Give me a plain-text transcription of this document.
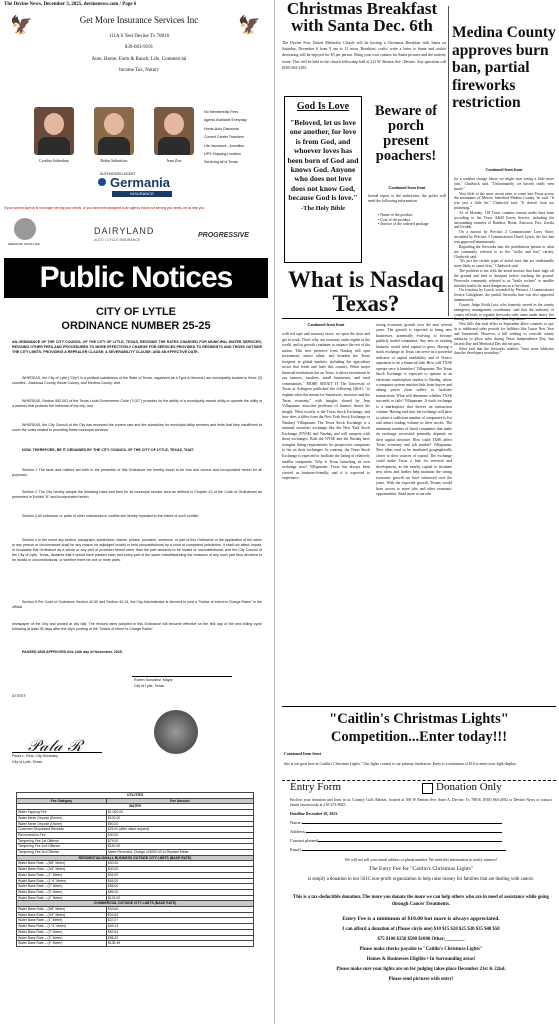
The Devine News, December 3, 2025, devinenews.com / Page 6
🦅	🦅
Get More Insurance Services Inc
111A S Teel Devine Tx 78016
830-663-9191
Auto, Home, Farm & Ranch, Life, Commercial
Income Tax, Notary
Cynthia Saltenfuss	Robin Saltenfuss	Jenn Zerr
No Membership Fees
Agents Available Everyday
Home-Auto Discounts
Current Carrier Transfers
Life Insurance , Annuities
UPS Shipping Location
Servicing all of Texas
AUTHORIZED AGENT
Germania
INSURANCE
If your current Agency is not longer serving your needs, or you have been assigned to an agency that is not serving you needs, let us help you.
HERMANN SONS LIFE
DAIRYLAND
AUTO • CYCLE INSURANCE
PROGRESSIVE
Public Notices
CITY OF LYTLE
ORDINANCE NUMBER 25-25
AN ORDINANCE OF THE CITY COUNCIL OF THE CITY OF LYTLE, TEXAS, REVISING THE RATES CHARGED FOR MUNICIPAL WATER SERVICES; REVISING OTHER FEES AND PROCEDURES TO MORE EFFECTIVELY CHARGE FOR SERVICES PROVIDED TO RESIDENTS AND THOSE OUTSIDE THE CITY LIMITS; PROVIDING A REPEALER CLAUSE; A SEVERABILITY CLAUSE; AND AN EFFECTIVE DATE.
WHEREAS, the City of Lytle ("City") is a political subdivision of the State of Texas, organized as a Type A General Law municipality located in three (3) counties - Atascosa County, Bexar County, and Medina County; and
WHEREAS, Section 552.001 of the Texas Local Government Code ("LGC") provides for the ability of a municipally owned utility to operate the utility in a manner that protects the interests of the city; and
WHEREAS, the City Council of the City has reviewed the current rate and fee schedules for municipal utility services and finds that they insufficient to cover the costs related to providing these municipal services.
NOW, THEREFORE, BE IT ORDAINED BY THE CITY COUNCIL OF THE CITY OF LYTLE, TEXAS, THAT:
Section 1 The facts and matters set forth in the preamble of this Ordinance are hereby found to be true and correct and incorporated herein for all purposes.
Section 2 The City hereby adopts the following rates and fees for its municipal service area as defined in Chapter 42 of the Code of Ordinances as presented in Exhibit "A" and incorporated herein.
Section 3 All ordinance or parts of other ordinances in conflict are hereby repealed to the extent of such conflict.
Section 4 In the event any section, paragraph, subdivision, clause, phrase, provision, sentence, or part of this Ordinance or the application of the same to any person or circumstance shall for any reason be adjudged invalid or held unconstitutional by a court of competent jurisdiction, it shall not affect, impair, or invalidate this Ordinance as a whole or any part of provision hereof other than the part declared to be invalid or unconstitutional; and the City Council of the City of Lytle, Texas, declares that it would have passed each and every part of the same notwithstanding the omission of any such part thus declared to be invalid or unconstitutional, or whether there be one or more parts.
Section 5 Per Code of Ordinance Section 42-90 and Section 42-91, the City Administrator is directed to post a "Notice of Intent to Charge Rates" in the official
newspaper of the City and posted at city hall. The revised rates adopted in this Ordinance will become effective on the first day of the new billing cycle following at least 30 days after the city's posting of the "Notice of Intent to Charge Rates".
PASSED AND APPROVED this 24th day of November, 2025.
Ruben Gonzalez, Mayor
City of Lytle, Texas
ATTEST:
𝒫𝒶𝓁𝒶 ℛ
Paola L. Rios, City Secretary
City of Lytle, Texas
UTILITIES	
Fee Category	Fee Amount
WATER	
Water Tapping Fee	$1,000.00
Water Meter Deposit (Renter)	$100.00
Water Meter Deposit (Owner)	$50.00
Customer Requested Rereads	$25.00 (after initial request)
Reconnection Fee	$30.00
Tampering Fee 1st Offense	$75.00
Tampering Fee 2nd Offense	$150.00
Tampering Fee 3rd Offense	Meter Removed; Charge of $200.00 to Replace Meter
RESIDENTIAL/SMALL BUSINESS OUTSIDE CITY LIMITS (BASE RATE)	
Water Base Rate – (5/8" Meter)	$30.00
Water Base Rate – (3/4" Meter)	$30.00
Water Base Rate – (1" Meter)	$34.00
Water Base Rate – (1 ½" Meter)	$44.00
Water Base Rate – (2" Meter)	$56.00
Water Base Rate – (3" Meter)	$86.00
Water Base Rate – (4" Meter)	$124.00
COMMERCIAL OUTSIDE CITY LIMITS (BASE RATE)	
Water Base Rate – (5/8" Meter)	$33.60
Water Base Rate – (3/4" Meter)	$33.60
Water Base Rate – (1" Meter)	$37.07
Water Base Rate – (1 ½" Meter)	$49.13
Water Base Rate – (2" Meter)	$62.63
Water Base Rate – (3" Meter)	$98.20
Water Base Rate – (4" Meter)	$138.49
Christmas Breakfast with Santa Dec. 6th
The Devine First United Methodist Church will be hosting a Christmas Breakfast with Santa on Saturday, December 6 from 9 am to 12 noon. Breakfast, crafts, write a letter to Santa and cookie decorating will be enjoyed for $5 per person. Bring your own camera for Santa pictures and the nativity scene. This will be held in the church fellowship hall at 212 W. Benton Ave., Devine. Any questions call (830) 663-3185.
Medina County approves burn ban, partial fireworks restriction
Continued from front
for a weather change where we might start seeing a little more rain," Chadwick said. "Unfortunately, we haven't really seen much."
Very little of the most recent rains to come into Texas across the mountains of Mexico benefited Medina County, he said. "It was just a little bit," Chadwick said. "It doesn't look too promising."
As of Monday, 118 Texas counties remain under burn bans according to the Texas A&M Forest Service, including the surrounding counties of Bandera, Bexar, Atascosa, Frio, Zavala and Uvalde.
On a motion by Precinct 2 Commissioner Larry Sittre, seconded by Precinct 3 Commissioner David Lynch, the fire ban was approved unanimously.
Regarding the fireworks ban, the prohibitions pertain to what are commonly referred to as the "sticks and fins" variety, Chadwick said.
"It's just the certain types of aerial ones that are traditionally more likely to cause fires," Chadwick said.
The problem is not with the aerial mortars that burst high off the ground and tend to dissipate before reaching the ground. Fireworks commonly referred to as "bottle rockets" or smaller missiles tend to be more dangerous as a fire threat.
On a motion by Lynch, seconded by Precinct 1 Commissioner Jessica Castiglione, the partial fireworks ban was also approved unanimously.
County Judge Keith Lutz, who formerly served as the county emergency management coordinator, said that the authority of county officials to regulate fireworks sales came under heavy fire during the recent session of the state legislature.
New bills that took effect in September allow counties to opt-in to additional sales periods for holidays like Lunar New Year and Juneteenth. However, a bill seeking to override county authority to allow sales during Texas Independence Day, San Jacinto Day and Memorial Day did not pass.
Sittre said that the fireworks retailers "have more lobbyists than the developers nowadays."
God Is Love
"Beloved, let us love one another, for love is from God, and whoever loves has been born of God and knows God. Anyone who does not love does not know God, because God is love."
-The Holy Bible
Beware of porch present poachers!
Continued from front
formal report to the authorities, the police will need the following information:
• Name of the product
• Cost of the product
• Invoice of the ordered package
What is Nasdaq Texas?
Continued from front
with red tape and runaway taxes, we open the door and get to work. That's why our economy ranks eighth in the world, and its growth continues to outpace the rest of the nation. This new presence from Nasdaq will spur investment, attract talent, and broaden the Texas footprint in global markets, including the agriculture sector that feeds and fuels this country. When major financial institutions bet on Texas, it drives investment in our farmers, ranchers, small businesses, and rural communities." MORE ABOUT IT The University of Texas at Arlington published the following Q&A's "to explain what this means for businesses, investors and the Texas economy," with insights shared by Jens Villupuram, associate professor of finance, shares his insight. What exactly is the Texas Stock Exchange, and how does it differ from the New York Stock Exchange or Nasdaq? Villupuram: The Texas Stock Exchange is a national securities exchange like the New York Stock Exchange (NYSE) and Nasdaq, and will compete with those exchanges. Both the NYSE and the Nasdaq have stringent listing requirements for prospective companies to list on their exchanges. In contrast, the Texas Stock Exchange is expected to facilitate the listing of relatively smaller companies. Why is Texas launching its own exchange now? Villupuram: Texas has always been viewed as business-friendly, and it is expected to experience
strong economic growth over the next several years. The growth is expected to bring new businesses, potentially evolving to become publicly traded companies. Any new or existing business would need capital to grow. Having a stock exchange in Texas can serve as a powerful indicator of capital availability and of Texas's aspiration to be a financial hub. How will TXSE operate once it launches? Villupuram: The Texas Stock Exchange is expected to operate as an electronic marketplace similar to Nasdaq, where a computer system matches bids from buyers and asking prices from sellers to facilitate transactions. What will determine whether TXSE succeeds or fails? Villupuram: A stock exchange is a marketplace that thrives on transaction volume. Having said that, the exchange will have to attract a sufficient number of companies to list and attract trading volume in their stocks. The minimum number of listed companies that make an exchange successful primarily depends on their capital structure. How could TXSE affect Texas' economy and job market? Villupuram: New ideas tend to be incubated geographically closer to their sources of capital. The exchange could make Texas a hub for research and development, as the nearby capital to incubate new ideas and further help maintain the strong economic growth we have witnessed over the years. With the expected growth, Texans would have access to more jobs and other economic opportunities. Read more at uta.edu
"Caitlin's Christmas Lights" Competition...Enter today!!!
Continued from front
this is our goal here at Caitlin's Christmas Lights." Our lights contest is our primary fundraiser. Entry is a minimum of $10 to enter your light display.
Entry Form	Donation Only
Enclose your donation and form in at, Country Gal's Market, located at 108 W Benton Ave, Suite A, Devine, Tx 78016, (830) 663-2002 or Devine News or contact Justin Jaworowski at 210-273-9025.
Deadline December 20, 2023.
Name:
Address:
Contact phone#
Email:
We will not sell your email address or phone number. We need this information to notify winners!
The Entry Fee for "Caitlin's Christmas Lights"
is simply a donation to our 501C non-profit organization to help raise money for families that are dealing with cancer.
This is a tax-deductible donation. The more you donate the more we can help others who are in need of assistance while going through Cancer Treatments.
Entry Fee is a minimum of $10.00 but more is always appreciated.
I can afford a donation of (Please circle one) $10 $15 $20 $25 $30 $35 $40 $50
$75 $100 $250 $500 $1000 Other:________
Please make checks payable to "Caitlin's Christmas Lights"
Homes & Businesses Eligible • In Surrounding areas!
Please make sure your lights are on for judging takes place December 21st & 22nd.
Please send pictures with entry!
